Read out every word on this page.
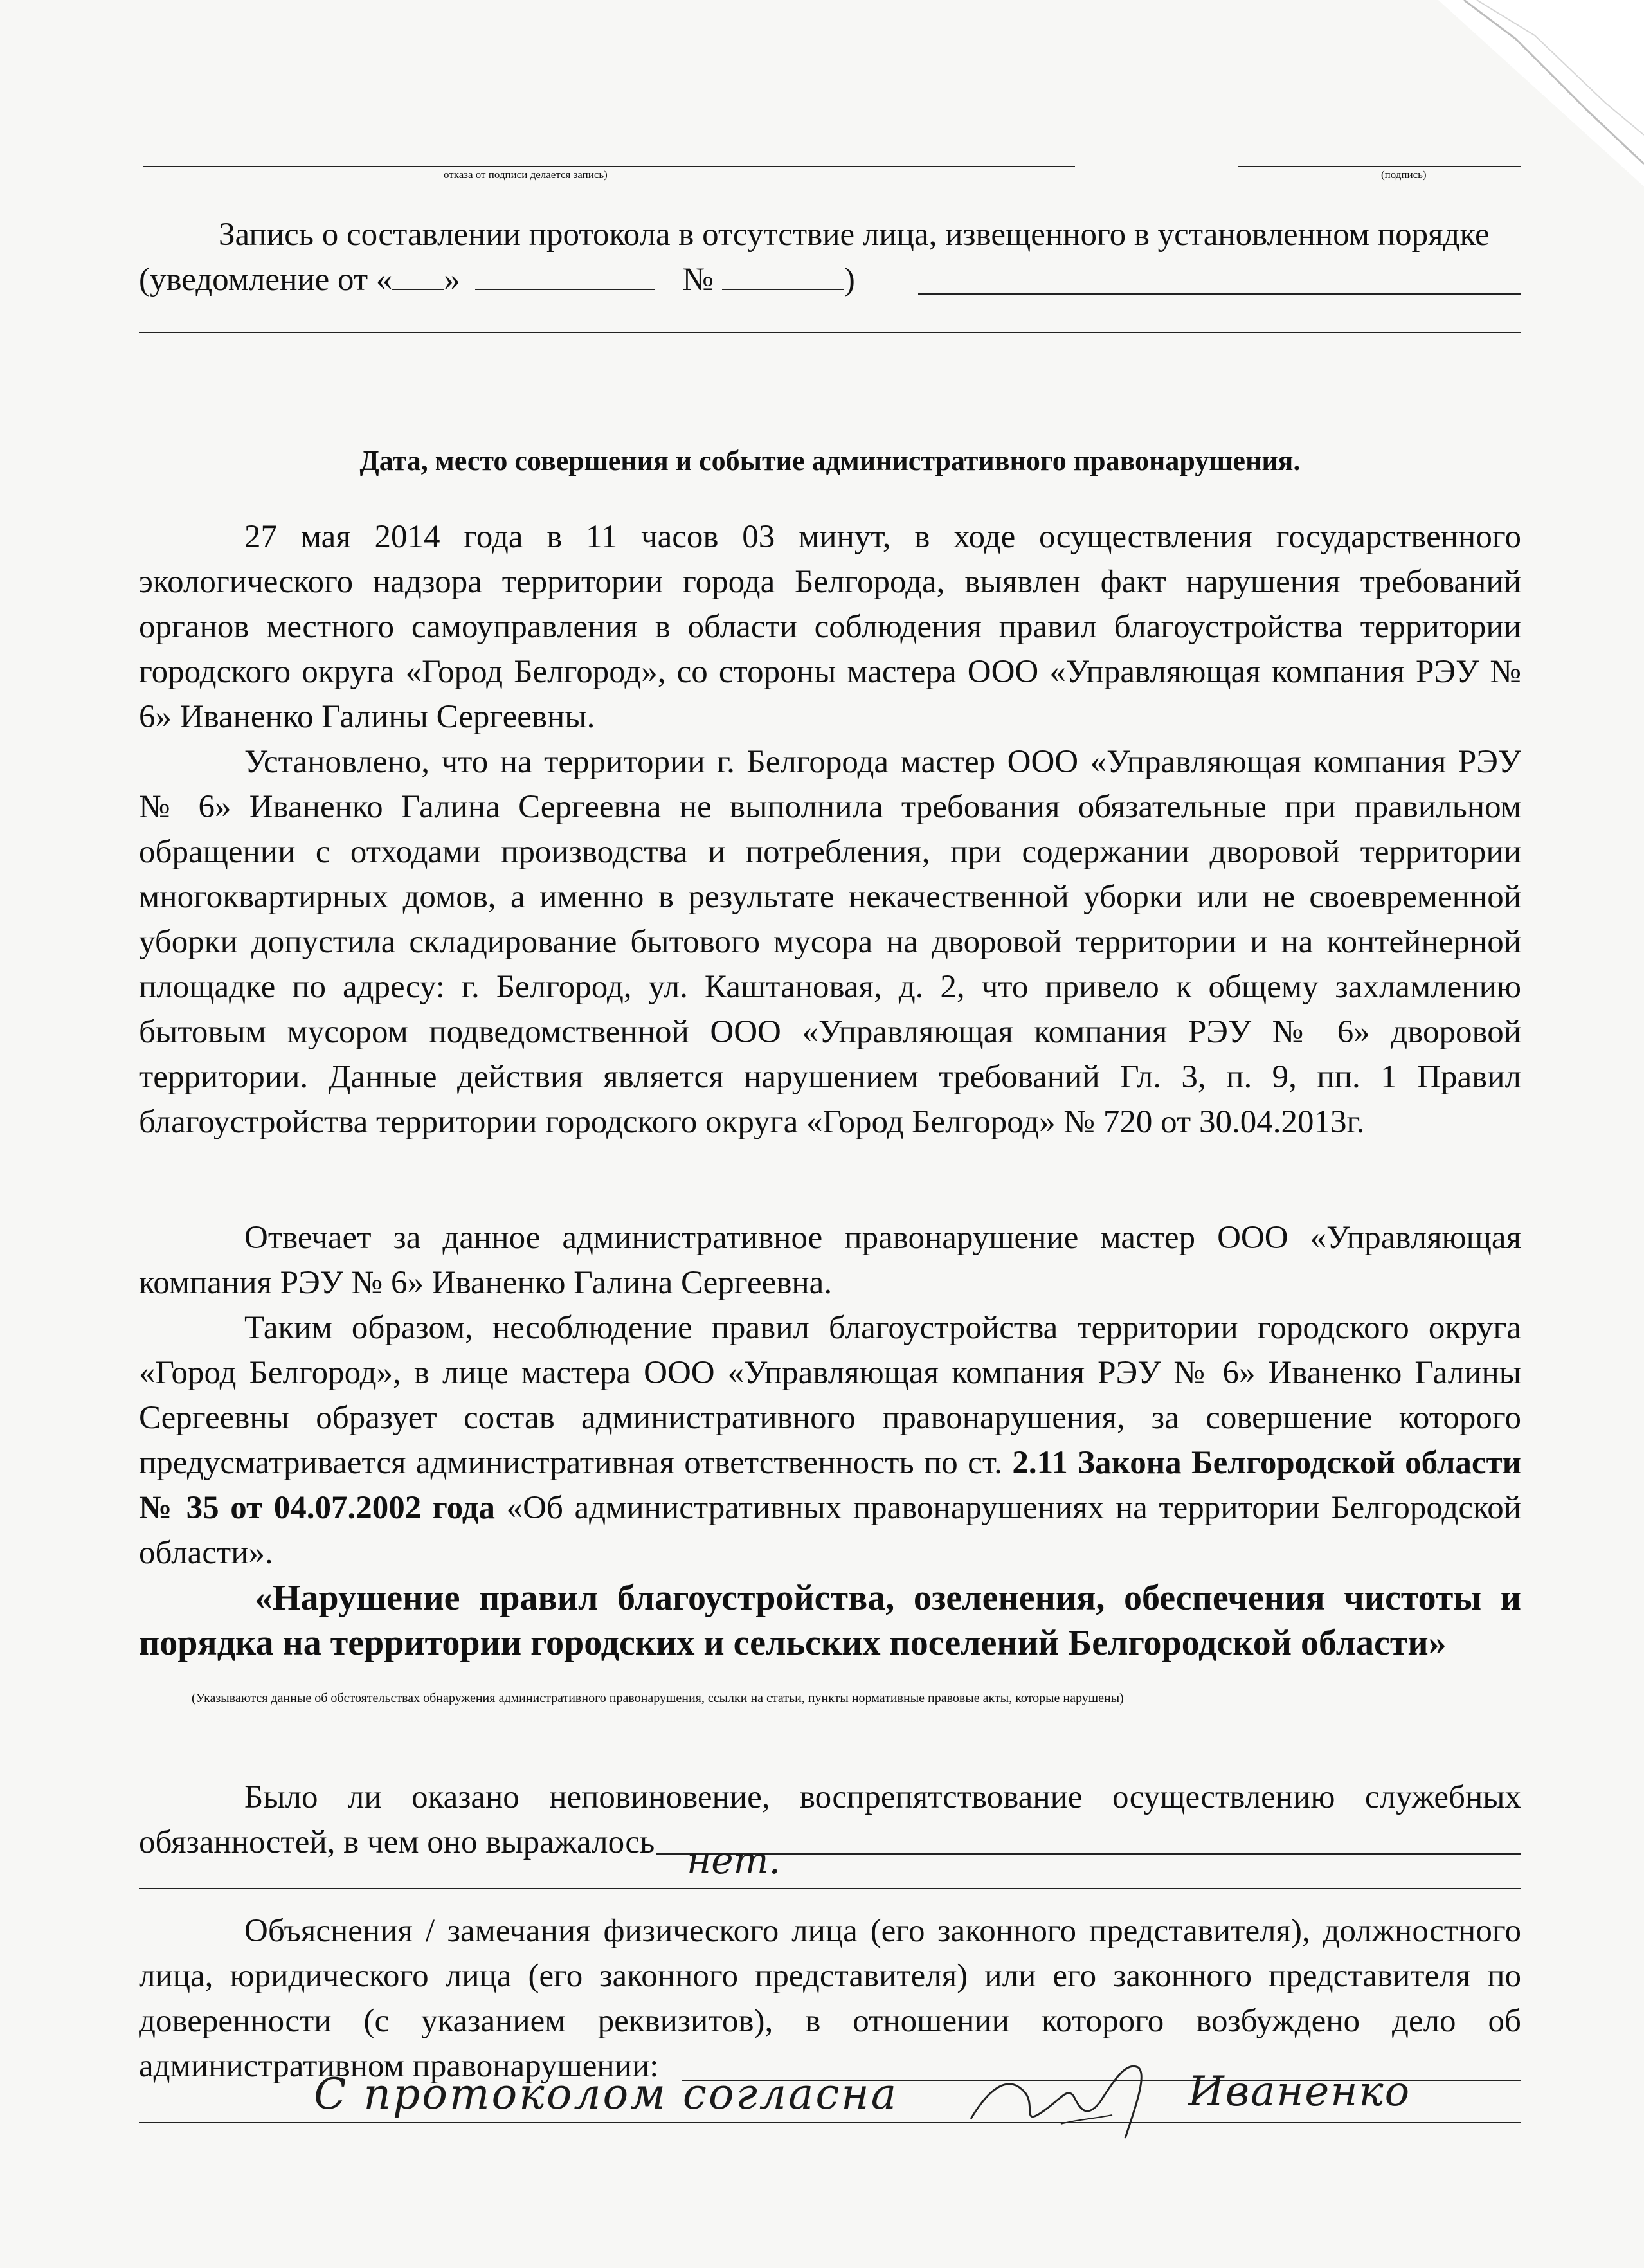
отказа от подписи делается запись)	(подпись)
Запись о составлении протокола в отсутствие лица, извещенного в установленном порядке
(уведомление от « »	№	)
Дата, место совершения и событие административного правонарушения.
27 мая 2014 года в 11 часов 03 минут, в ходе осуществления государственного экологического надзора территории города Белгорода, выявлен факт нарушения требований органов местного самоуправления в области соблюдения правил благоустройства территории городского округа «Город Белгород», со стороны мастера ООО «Управляющая компания РЭУ № 6» Иваненко Галины Сергеевны.
Установлено, что на территории г. Белгорода мастер ООО «Управляющая компания РЭУ № 6» Иваненко Галина Сергеевна не выполнила требования обязательные при правильном обращении с отходами производства и потребления, при содержании дворовой территории многоквартирных домов, а именно в результате некачественной уборки или не своевременной уборки допустила складирование бытового мусора на дворовой территории и на контейнерной площадке по адресу: г. Белгород, ул. Каштановая, д. 2, что привело к общему захламлению бытовым мусором подведомственной ООО «Управляющая компания РЭУ № 6» дворовой территории. Данные действия является нарушением требований Гл. 3, п. 9, пп. 1 Правил благоустройства территории городского округа «Город Белгород» № 720 от 30.04.2013г.
Отвечает за данное административное правонарушение мастер ООО «Управляющая компания РЭУ № 6» Иваненко Галина Сергеевна.
Таким образом, несоблюдение правил благоустройства территории городского округа «Город Белгород», в лице мастера ООО «Управляющая компания РЭУ № 6» Иваненко Галины Сергеевны образует состав административного правонарушения, за совершение которого предусматривается административная ответственность по ст. 2.11 Закона Белгородской области № 35 от 04.07.2002 года «Об административных правонарушениях на территории Белгородской области».
«Нарушение правил благоустройства, озеленения, обеспечения чистоты и порядка на территории городских и сельских поселений Белгородской области»
(Указываются данные об обстоятельствах обнаружения административного правонарушения, ссылки на статьи, пункты нормативные правовые акты, которые нарушены)
Было ли оказано неповиновение, воспрепятствование осуществлению служебных обязанностей, в чем оно выражалось нет.
Объяснения / замечания физического лица (его законного представителя), должностного лица, юридического лица (его законного представителя) или его законного представителя по доверенности (с указанием реквизитов), в отношении которого возбуждено дело об административном правонарушении:
С протоколом согласна	Иваненко
